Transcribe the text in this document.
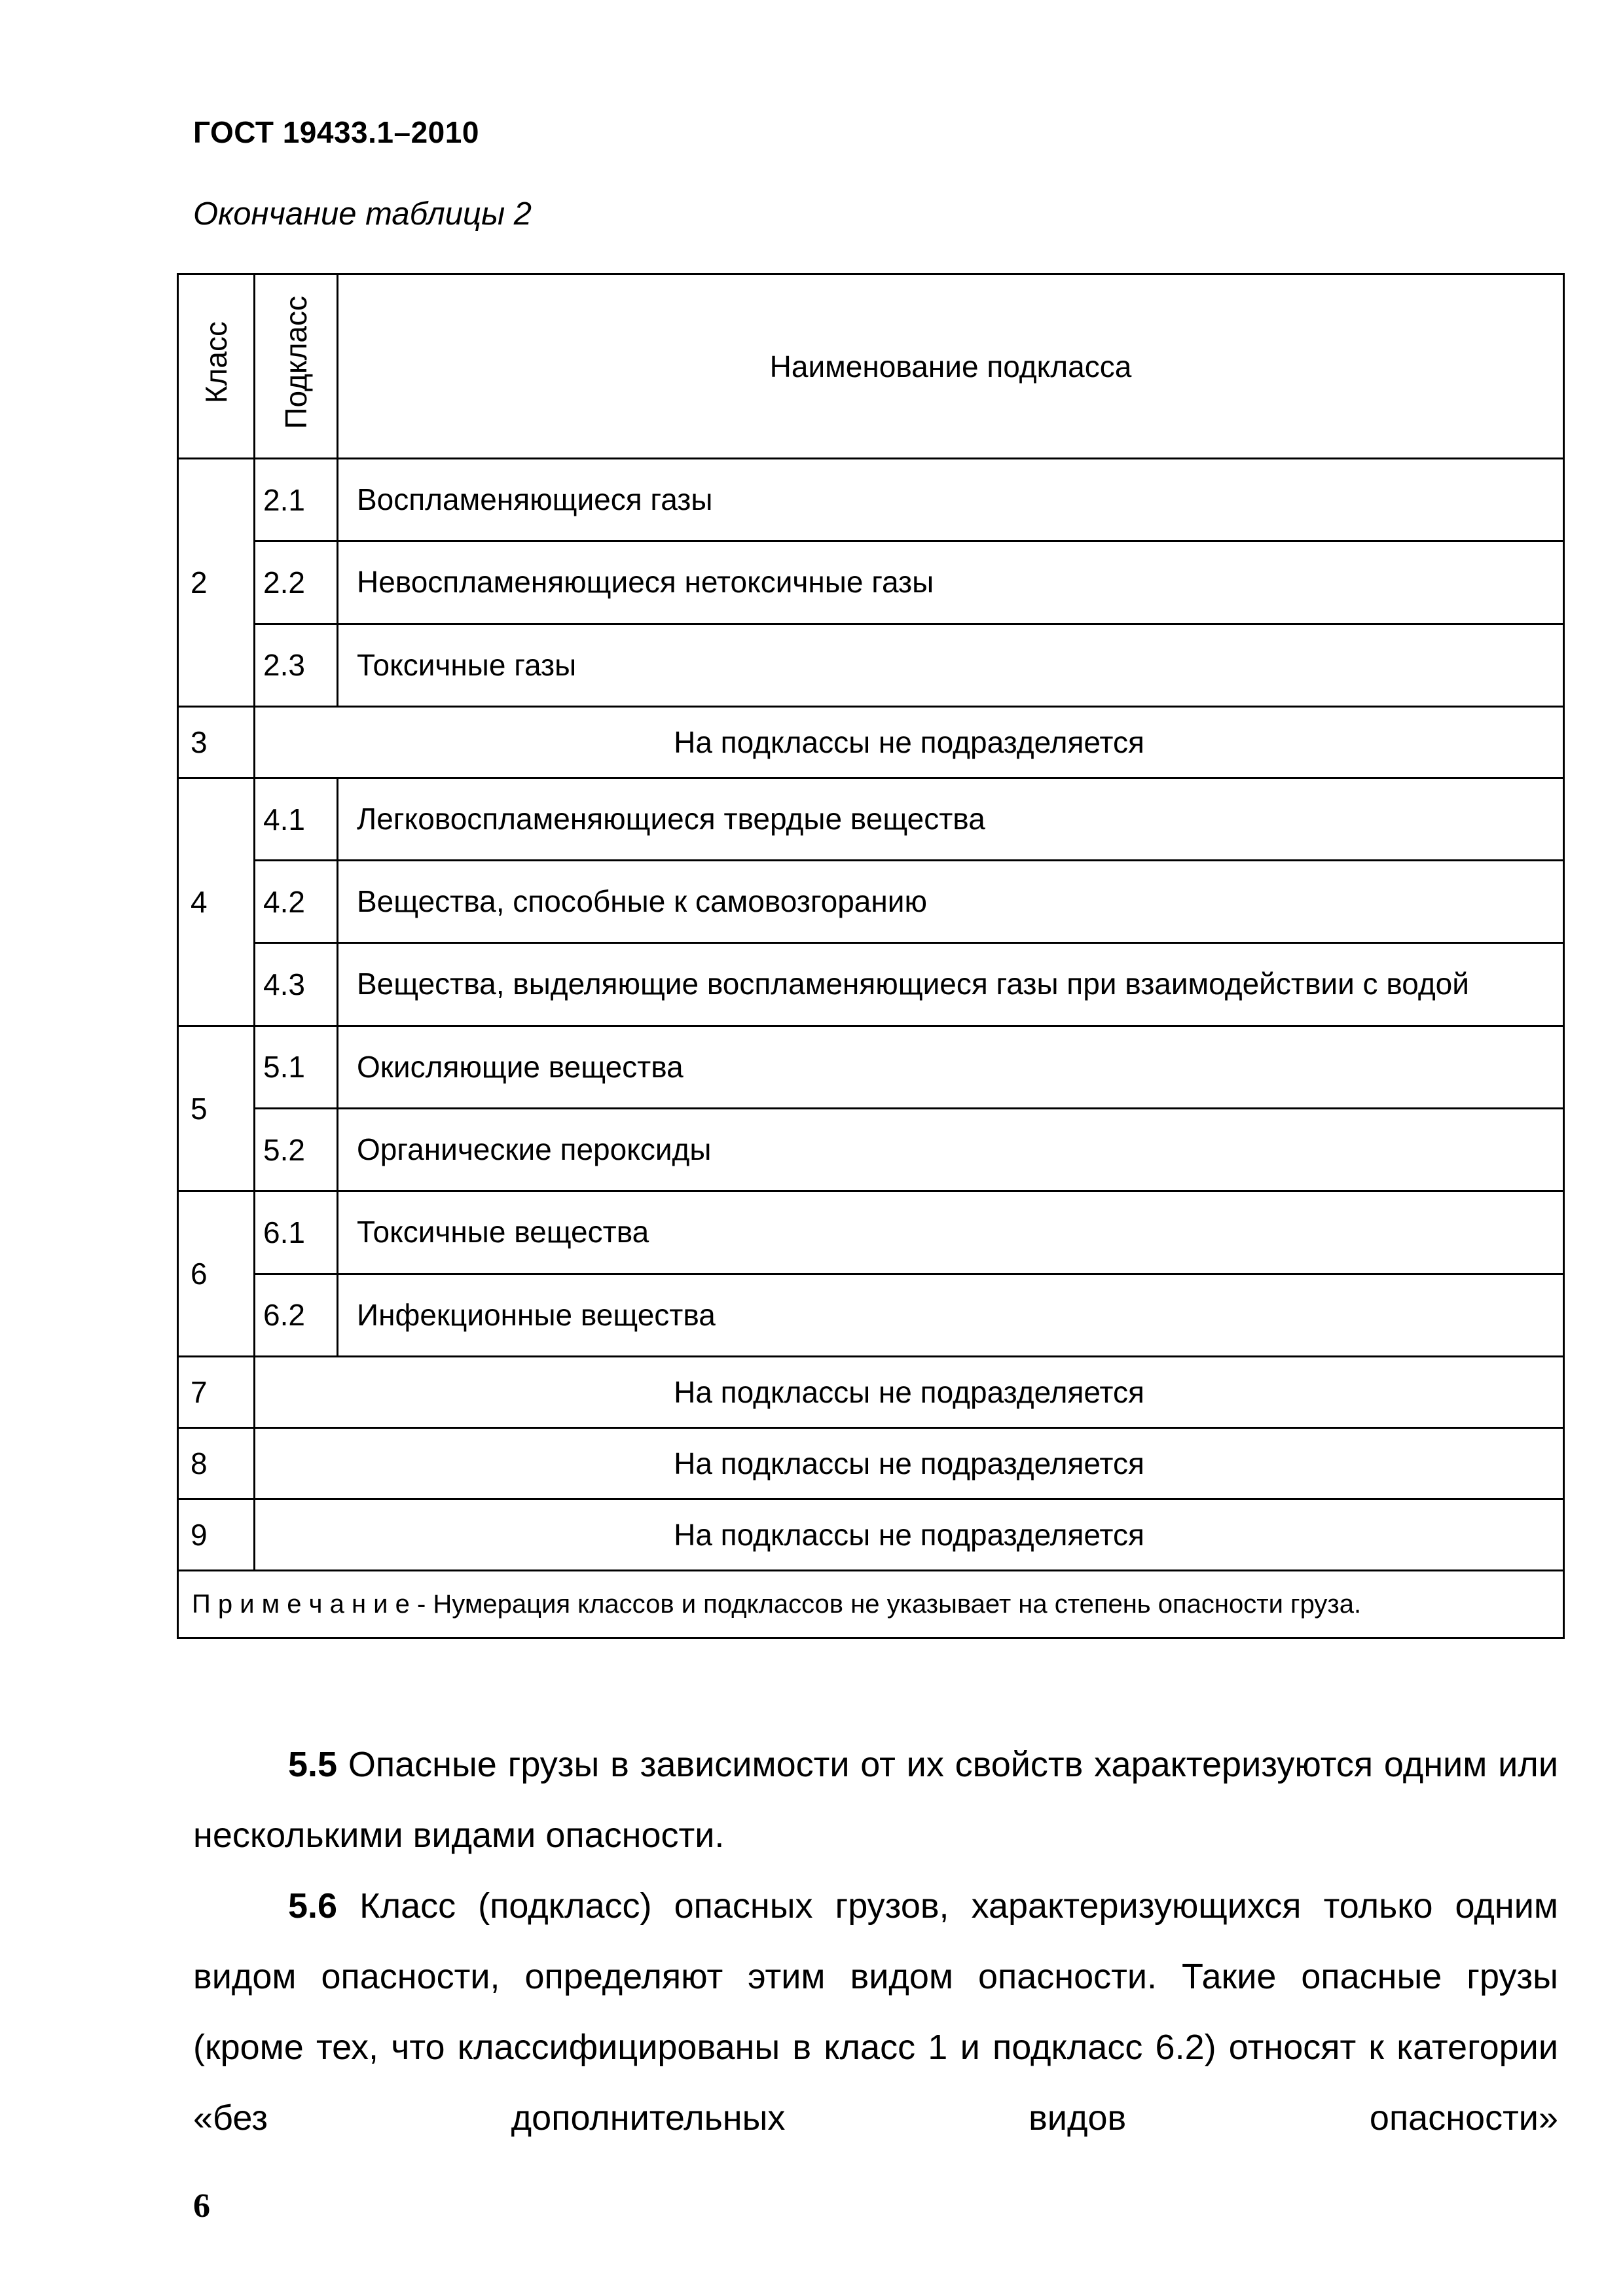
ГОСТ 19433.1–2010
Окончание таблицы 2
Класс	Подкласс	Наименование подкласса
2	2.1	Воспламеняющиеся газы
	2.2	Невоспламеняющиеся нетоксичные газы
	2.3	Токсичные газы
3	На подклассы не подразделяется	
4	4.1	Легковоспламеняющиеся твердые вещества
	4.2	Вещества, способные к самовозгоранию
	4.3	Вещества, выделяющие воспламеняющиеся газы при взаимодействии с водой
5	5.1	Окисляющие вещества
	5.2	Органические пероксиды
6	6.1	Токсичные вещества
	6.2	Инфекционные вещества
7	На подклассы не подразделяется	
8	На подклассы не подразделяется	
9	На подклассы не подразделяется	
П р и м е ч а н и е - Нумерация классов и подклассов не указывает на степень опасности груза.		

5.5 Опасные грузы в зависимости от их свойств характеризуются одним или несколькими видами опасности.

5.6 Класс (подкласс) опасных грузов, характеризующихся только одним видом опасности, определяют этим видом опасности. Такие опасные грузы (кроме тех, что классифицированы в класс 1 и подкласс 6.2) относят к категории «без дополнительных видов опасности»

6
